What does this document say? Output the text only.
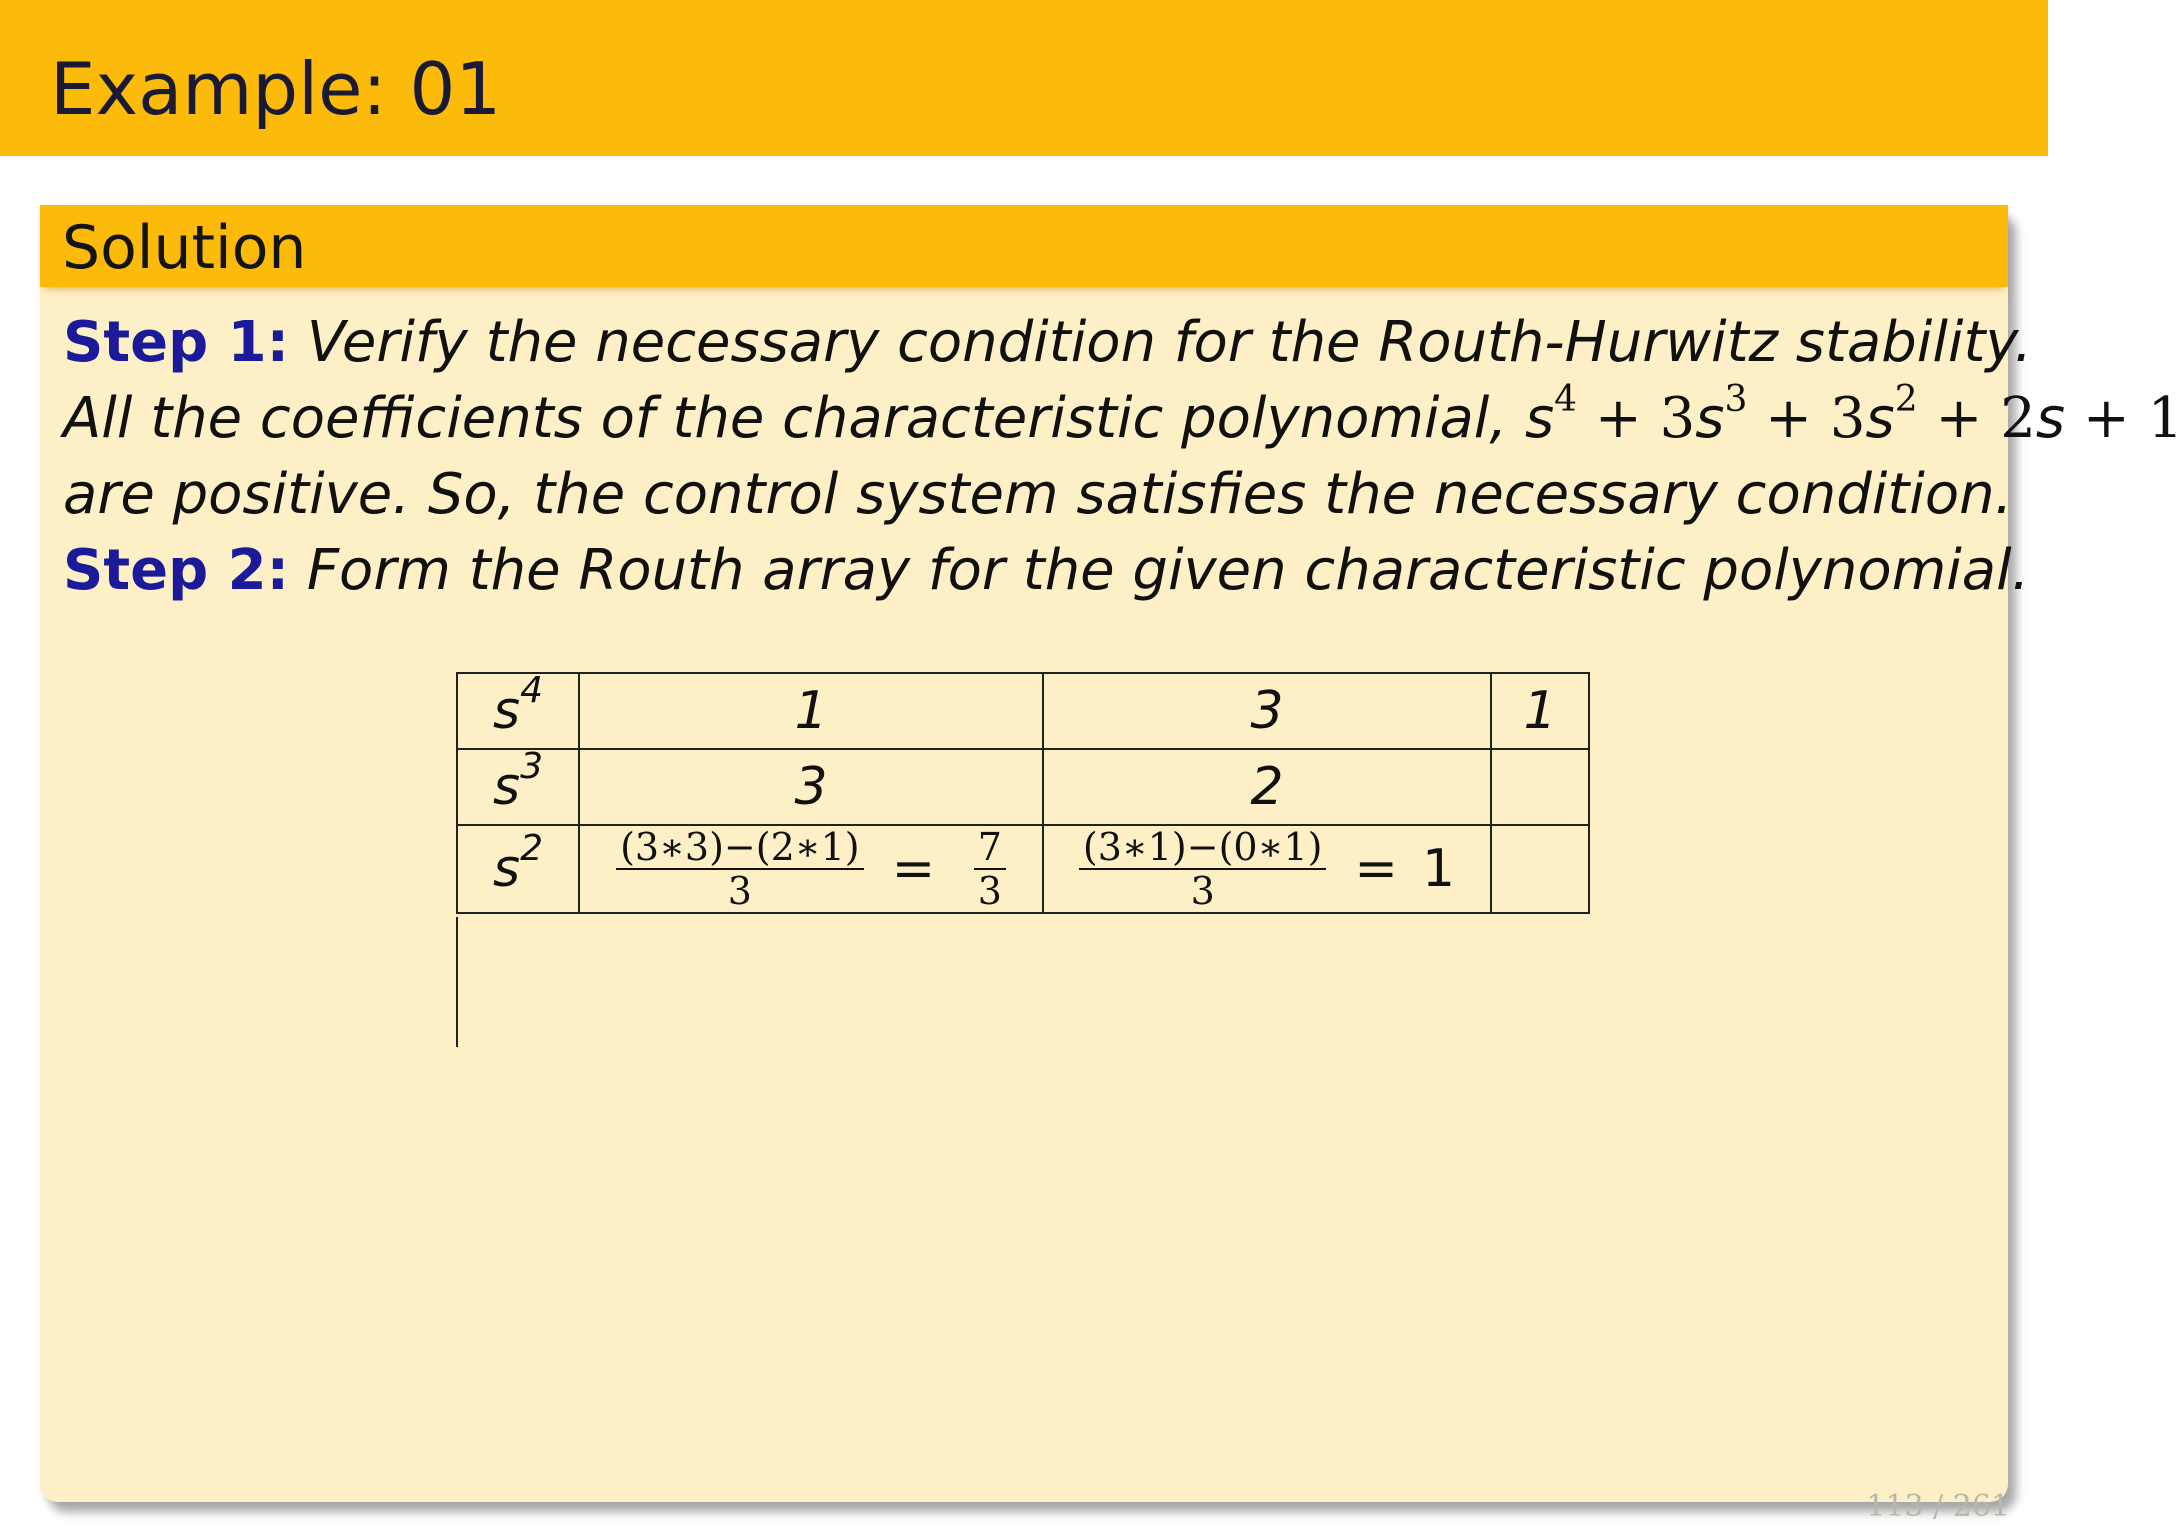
Example: 01
Solution
Step 1: Verify the necessary condition for the Routh-Hurwitz stability.
All the coefficients of the characteristic polynomial, $s^4 + 3s^3 + 3s^2 + 2s + 1$
are positive. So, the control system satisfies the necessary condition.
Step 2: Form the Routh array for the given characteristic polynomial.
$s^4$	1	3	1
$s^3$	3	2	
$s^2$	$\frac{(3∗3)-(2∗1)}{3} = \frac{7}{3}$	$\frac{(3∗1)-(0∗1)}{3} = 1$	
113 / 261
